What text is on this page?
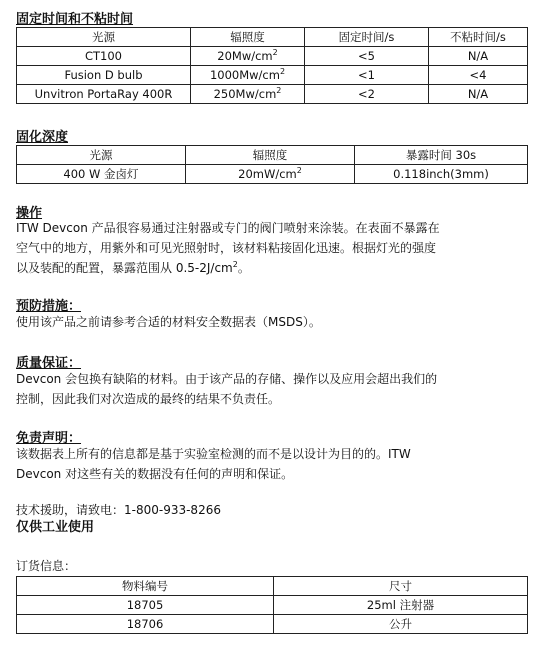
固定时间和不粘时间
光源	辐照度	固定时间/s	不粘时间/s
CT100	$20Mw/cm^2$	<5	N/A
Fusion D bulb	$1000Mw/cm^2$	<1	<4
Unvitron PortaRay 400R	$250Mw/cm^2$	<2	N/A
固化深度
光源	辐照度	暴露时间 30s
400 W 金卤灯	$20mW/cm^2$	0.118inch(3mm)
操作
ITW Devcon 产品很容易通过注射器或专门的阀门喷射来涂装。在表面不暴露在
空气中的地方，用紫外和可见光照射时，该材料粘接固化迅速。根据灯光的强度
以及装配的配置，暴露范围从 $0.5-2J/cm^2$。
预防措施：
使用该产品之前请参考合适的材料安全数据表（MSDS）。
质量保证：
Devcon 会包换有缺陷的材料。由于该产品的存储、操作以及应用会超出我们的
控制，因此我们对次造成的最终的结果不负责任。
免责声明：
该数据表上所有的信息都是基于实验室检测的而不是以设计为目的的。ITW
Devcon 对这些有关的数据没有任何的声明和保证。
技术援助，请致电：1-800-933-8266
仅供工业使用
订货信息：
物料编号	尺寸
18705	25ml 注射器
18706	公升
